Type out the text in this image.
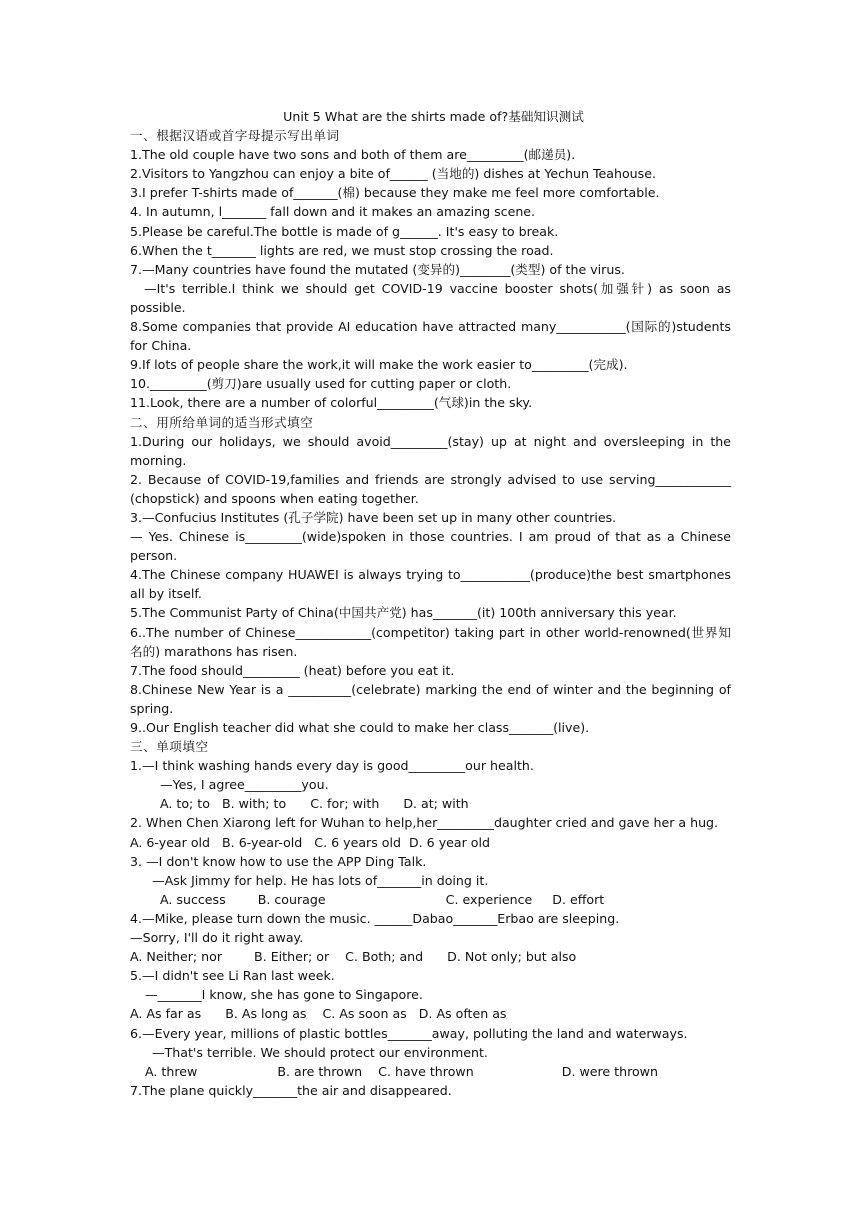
Unit 5 What are the shirts made of?基础知识测试

一、根据汉语或首字母提示写出单词

1.The old couple have two sons and both of them are_________(邮递员).

2.Visitors to Yangzhou can enjoy a bite of______ (当地的) dishes at Yechun Teahouse.

3.I prefer T-shirts made of_______(棉) because they make me feel more comfortable.

4. In autumn, l_______ fall down and it makes an amazing scene.

5.Please be careful.The bottle is made of g______. It's easy to break.

6.When the t_______ lights are red, we must stop crossing the road.

7.—Many countries have found the mutated (变异的)________(类型) of the virus.

—It's terrible.I think we should get COVID-19 vaccine booster shots(加强针) as soon as possible.

8.Some companies that provide AI education have attracted many___________(国际的)students for China.

9.If lots of people share the work,it will make the work easier to_________(完成).

10._________(剪刀)are usually used for cutting paper or cloth.

11.Look, there are a number of colorful_________(气球)in the sky.

二、用所给单词的适当形式填空

1.During our holidays, we should avoid_________(stay) up at night and oversleeping in the morning.

2. Because of COVID-19,families and friends are strongly advised to use serving____________ (chopstick) and spoons when eating together.

3.—Confucius Institutes (孔子学院) have been set up in many other countries.

— Yes. Chinese is_________(wide)spoken in those countries. I am proud of that as a Chinese person.

4.The Chinese company HUAWEI is always trying to___________(produce)the best smartphones all by itself.

5.The Communist Party of China(中国共产党) has_______(it) 100th anniversary this year.

6..The number of Chinese____________(competitor) taking part in other world-renowned(世界知名的) marathons has risen.

7.The food should_________ (heat) before you eat it.

8.Chinese New Year is a __________(celebrate) marking the end of winter and the beginning of spring.

9..Our English teacher did what she could to make her class_______(live).

三、单项填空

1.—I think washing hands every day is good_________our health.

—Yes, I agree_________you.

A. to; to   B. with; to      C. for; with      D. at; with

2. When Chen Xiarong left for Wuhan to help,her_________daughter cried and gave her a hug.

A. 6-year old   B. 6-year-old   C. 6 years old  D. 6 year old

3. —I don't know how to use the APP Ding Talk.

—Ask Jimmy for help. He has lots of_______in doing it.

A. success        B. courage                              C. experience     D. effort

4.—Mike, please turn down the music. ______Dabao_______Erbao are sleeping.

—Sorry, I'll do it right away.

A. Neither; nor        B. Either; or    C. Both; and      D. Not only; but also

5.—I didn't see Li Ran last week.

—_______I know, she has gone to Singapore.

A. As far as      B. As long as    C. As soon as   D. As often as

6.—Every year, millions of plastic bottles_______away, polluting the land and waterways.

—That's terrible. We should protect our environment.

A. threw                    B. are thrown    C. have thrown                      D. were thrown

7.The plane quickly_______the air and disappeared.
